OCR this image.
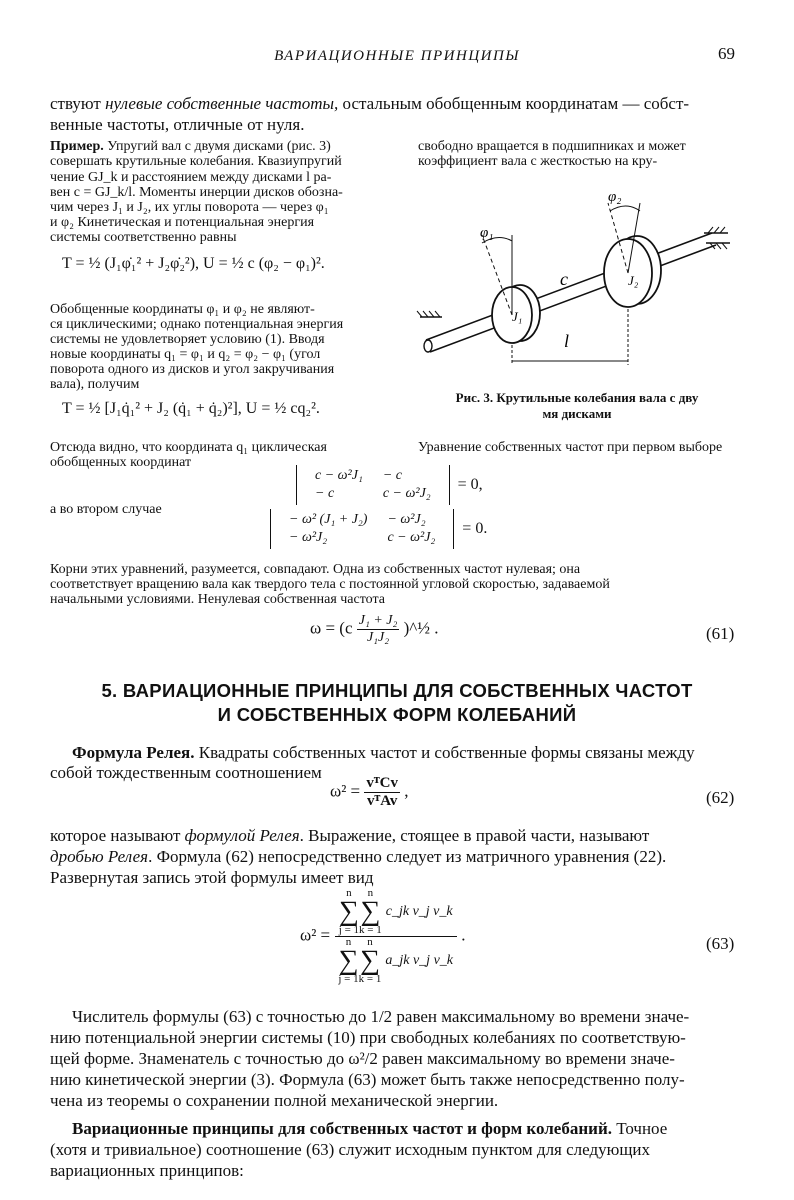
ВАРИАЦИОННЫЕ ПРИНЦИПЫ	69
ствуют нулевые собственные частоты, остальным обобщенным координатам — собст-
венные частоты, отличные от нуля.
Пример. Упругий вал с двумя дисками (рис. 3)	свободно вращается в подшипниках и может
совершать крутильные колебания. Квазиупругий	коэффициент вала с жесткостью на кру-
чение GJ_k и расстоянием между дисками l ра-
вен c = GJ_k/l. Моменты инерции дисков обозна-
чим через J₁ и J₂, их углы поворота — через φ₁
и φ₂ Кинетическая и потенциальная энергия
системы соответственно равны
T = ½ (J₁φ̇₁² + J₂φ̇₂²), U = ½ c (φ₂ − φ₁)².
Обобщенные координаты φ₁ и φ₂ не являют-
ся циклическими; однако потенциальная энергия
системы не удовлетворяет условию (1). Вводя
новые координаты q₁ = φ₁ и q₂ = φ₂ − φ₁ (угол
поворота одного из дисков и угол закручивания
вала), получим
T = ½ [J₁q̇₁² + J₂ (q̇₁ + q̇₂)²], U = ½ cq₂².
φ₁
φ₂
c
J₁
J₂
l
Рис. 3. Крутильные колебания вала с дву
мя дисками
Отсюда видно, что координата q₁ циклическая	Уравнение собственных частот при первом выборе
обобщенных координат
c − ω²J₁	− c
− c	c − ω²J₂
= 0,
а во втором случае
− ω² (J₁ + J₂)	− ω²J₂
− ω²J₂	c − ω²J₂
= 0.
Корни этих уравнений, разумеется, совпадают. Одна из собственных частот нулевая; она
соответствует вращению вала как твердого тела с постоянной угловой скоростью, задаваемой
начальными условиями. Ненулевая собственная частота
$\omega = (c \frac{\text{J₁ + J₂}}{\text{J₁J₂}}$ )^½ .	(61)
5. ВАРИАЦИОННЫЕ ПРИНЦИПЫ ДЛЯ СОБСТВЕННЫХ ЧАСТОТ
И СОБСТВЕННЫХ ФОРМ КОЛЕБАНИЙ
Формула Релея. Квадраты собственных частот и собственные формы связаны между
собой тождественным соотношением
$\omega^2 = \frac{\text{vᵀCv}}{\text{vᵀAv}}$ ,	(62)
которое называют формулой Релея. Выражение, стоящее в правой части, называют
дробью Релея. Формула (62) непосредственно следует из матричного уравнения (22).
Развернутая запись этой формулы имеет вид
ω² = n
∑
j = 1
n
∑
k = 1
c_jk v_j v_k
n
∑
j = 1
n
∑
k = 1
a_jk v_j v_k .	(63)
Числитель формулы (63) с точностью до 1/2 равен максимальному во времени значе-
нию потенциальной энергии системы (10) при свободных колебаниях по соответствую-
щей форме. Знаменатель с точностью до ω²/2 равен максимальному во времени значе-
нию кинетической энергии (3). Формула (63) может быть также непосредственно полу-
чена из теоремы о сохранении полной механической энергии.
Вариационные принципы для собственных частот и форм колебаний. Точное
(хотя и тривиальное) соотношение (63) служит исходным пунктом для следующих
вариационных принципов:
